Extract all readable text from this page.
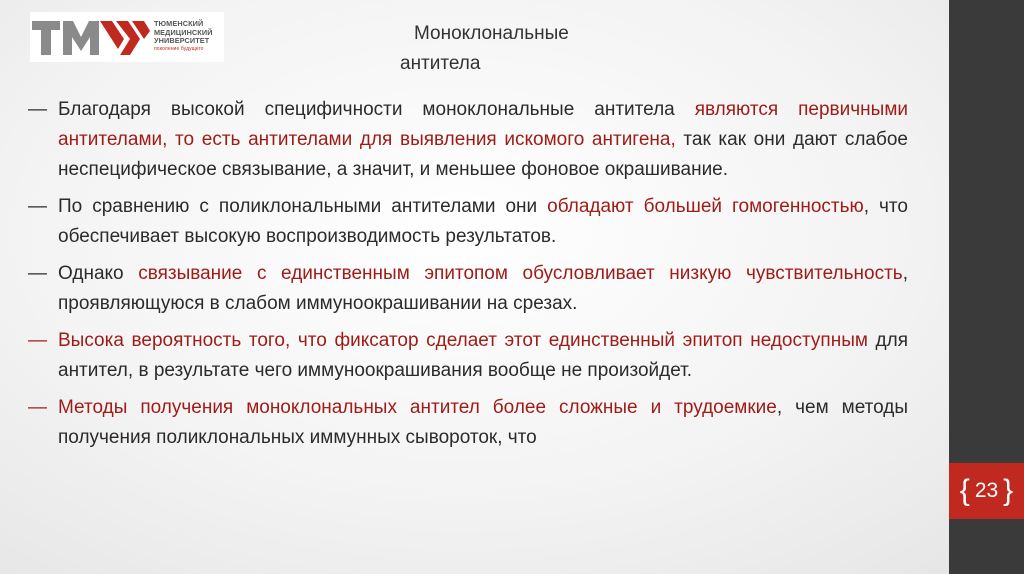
{ 23 }
ТЮМЕНСКИЙ
МЕДИЦИНСКИЙ
УНИВЕРСИТЕТ
поколение будущего
Моноклональные
антитела
— Благодаря высокой специфичности моноклональные антитела являются первичными антителами, то есть антителами для выявления искомого антигена, так как они дают слабое неспецифическое связывание, а значит, и меньшее фоновое окрашивание.
— По сравнению с поликлональными антителами они обладают большей гомогенностью, что обеспечивает высокую воспроизводимость результатов.
— Однако связывание с единственным эпитопом обусловливает низкую чувствительность, проявляющуюся в слабом иммуноокрашивании на срезах.
— Высока вероятность того, что фиксатор сделает этот единственный эпитоп недоступным для антител, в результате чего иммуноокрашивания вообще не произойдет.
— Методы получения моноклональных антител более сложные и трудоемкие, чем методы получения поликлональных иммунных сывороток, что
